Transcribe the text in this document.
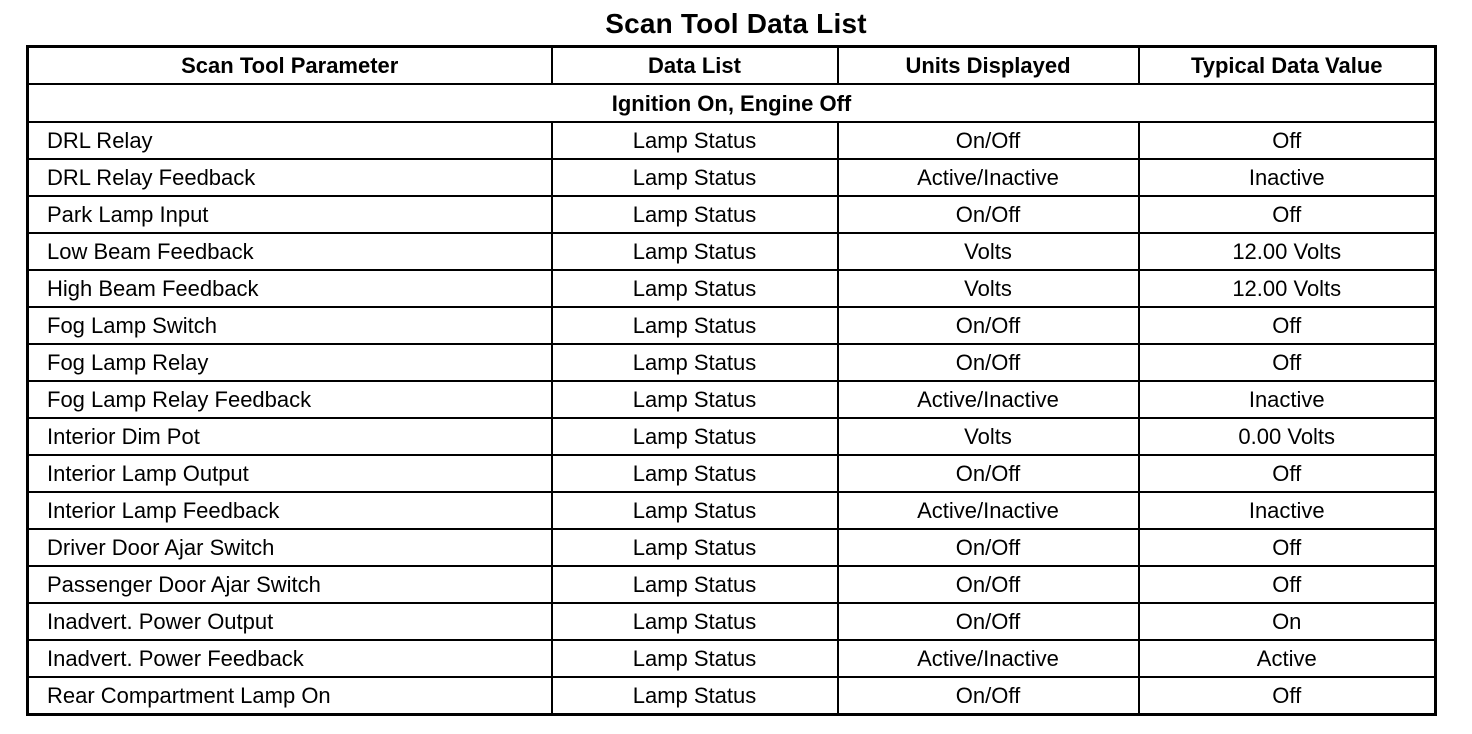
Scan Tool Data List
Scan Tool Parameter	Data List	Units Displayed	Typical Data Value
Ignition On, Engine Off			
DRL Relay	Lamp Status	On/Off	Off
DRL Relay Feedback	Lamp Status	Active/Inactive	Inactive
Park Lamp Input	Lamp Status	On/Off	Off
Low Beam Feedback	Lamp Status	Volts	12.00 Volts
High Beam Feedback	Lamp Status	Volts	12.00 Volts
Fog Lamp Switch	Lamp Status	On/Off	Off
Fog Lamp Relay	Lamp Status	On/Off	Off
Fog Lamp Relay Feedback	Lamp Status	Active/Inactive	Inactive
Interior Dim Pot	Lamp Status	Volts	0.00 Volts
Interior Lamp Output	Lamp Status	On/Off	Off
Interior Lamp Feedback	Lamp Status	Active/Inactive	Inactive
Driver Door Ajar Switch	Lamp Status	On/Off	Off
Passenger Door Ajar Switch	Lamp Status	On/Off	Off
Inadvert. Power Output	Lamp Status	On/Off	On
Inadvert. Power Feedback	Lamp Status	Active/Inactive	Active
Rear Compartment Lamp On	Lamp Status	On/Off	Off
